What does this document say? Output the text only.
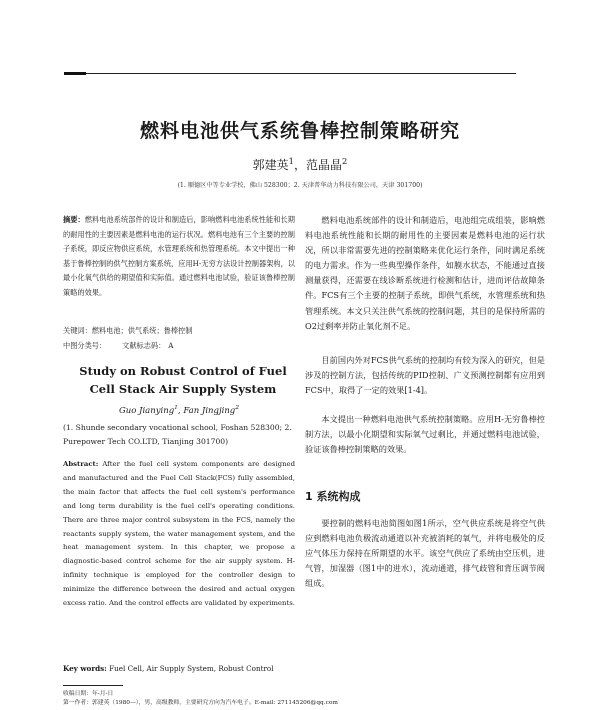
燃料电池供气系统鲁棒控制策略研究
郭建英$^1$，范晶晶$^2$
(1. 顺德区中等专业学校，佛山 528300；2. 天津普华动力科技有限公司，天津 301700)
摘要：燃料电池系统部件的设计和制造后，影响燃料电池系统性能和长期的耐用性的主要因素是燃料电池的运行状况。燃料电池有三个主要的控制子系统，即反应物供应系统，水管理系统和热管理系统。本文中提出一种基于鲁棒控制的供气控制方案系统，应用H-无穷方法设计控制器架构，以最小化氧气供给的期望值和实际值。通过燃料电池试验，验证该鲁棒控制策略的效果。
关键词：燃料电池；供气系统；鲁棒控制
中图分类号： 文献标志码： A
Study on Robust Control of Fuel Cell Stack Air Supply System
Guo Jianying$^1$, Fan Jingjing$^2$
(1. Shunde secondary vocational school, Foshan 528300; 2. Purepower Tech CO.LTD, Tianjing 301700)
Abstract: After the fuel cell system components are designed and manufactured and the Fuel Cell Stack(FCS) fully assembled, the main factor that affects the fuel cell system's performance and long term durability is the fuel cell's operating conditions. There are three major control subsystem in the FCS, namely the reactants supply system, the water management system, and the heat management system. In this chapter, we propose a diagnostic-based control scheme for the air supply system. H-infinity technique is employed for the controller design to minimize the difference between the desired and actual oxygen excess ratio. And the control effects are validated by experiments.
Key words: Fuel Cell, Air Supply System, Robust Control

燃料电池系统部件的设计和制造后，电池组完成组装，影响燃料电池系统性能和长期的耐用性的主要因素是燃料电池的运行状况，所以非常需要先进的控制策略来优化运行条件，同时满足系统的电力需求。作为一些典型操作条件，如膜水状态，不能通过直接测量获得，还需要在线诊断系统进行检测和估计，进而评估故障条件。FCS有三个主要的控制子系统，即供气系统，水管理系统和热管理系统。本文只关注供气系统的控制问题，其目的是保持所需的O2过剩率并防止氧化剂不足。

目前国内外对FCS供气系统的控制均有较为深入的研究，但是涉及的控制方法，包括传统的PID控制、广义预测控制都有应用到FCS中，取得了一定的效果[1-4]。

本文提出一种燃料电池供气系统控制策略。应用H-无穷鲁棒控制方法，以最小化期望和实际氧气过剩比，并通过燃料电池试验，验证该鲁棒控制策略的效果。

1 系统构成

要控制的燃料电池简图如图1所示，空气供应系统是将空气供应到燃料电池负极流动通道以补充被消耗的氧气，并将电极处的反应气体压力保持在所期望的水平。该空气供应了系统由空压机，进气管，加湿器（图1中的进水），流动通道，排气歧管和背压调节阀组成。

收稿日期：年-月-日
第一作者：郭建英（1980—），男，高级教师，主要研究方向为汽车电子。E-mail: 271145206@qq.com
